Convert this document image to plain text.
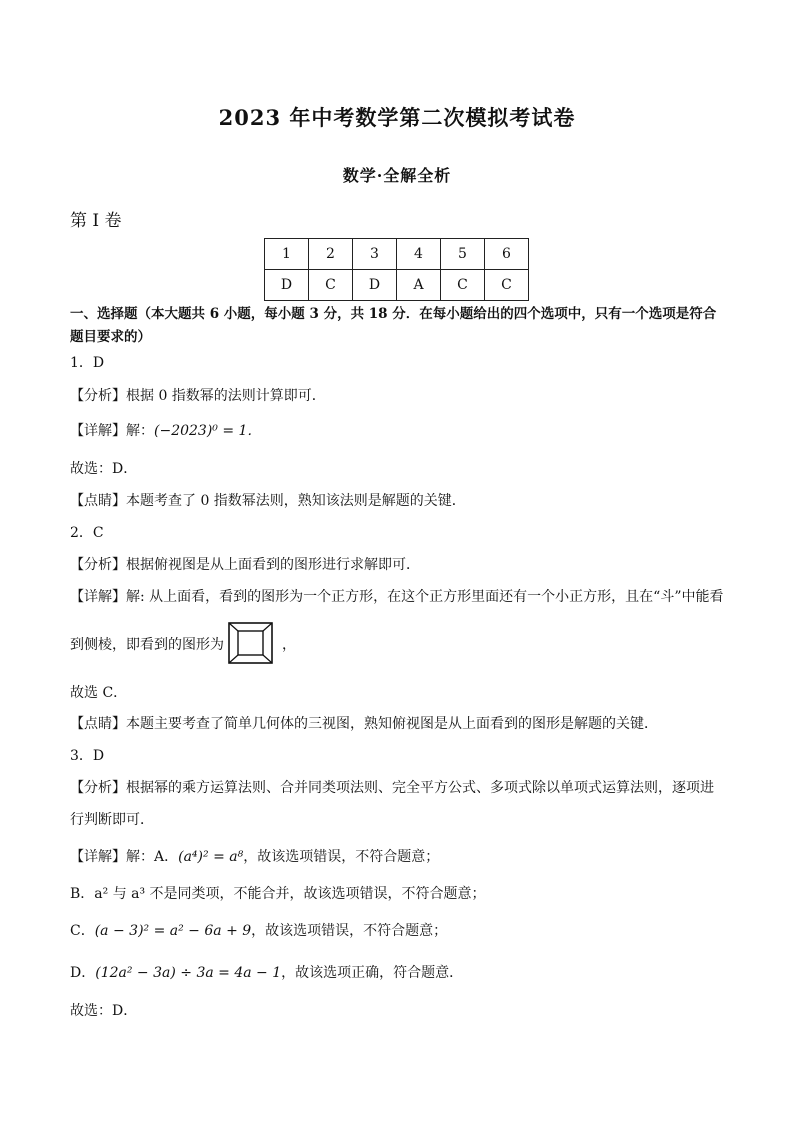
2023 年中考数学第二次模拟考试卷
数学·全解全析
第 I 卷
1	2	3	4	5	6
D	C	D	A	C	C
一、选择题（本大题共 6 小题，每小题 3 分，共 18 分．在每小题给出的四个选项中，只有一个选项是符合
题目要求的）
1．D
【分析】根据 0 指数幂的法则计算即可．
【详解】解：(−2023)⁰ = 1．
故选：D．
【点睛】本题考查了 0 指数幂法则，熟知该法则是解题的关键．
2．C
【分析】根据俯视图是从上面看到的图形进行求解即可．
【详解】解: 从上面看，看到的图形为一个正方形，在这个正方形里面还有一个小正方形，且在“斗”中能看
到侧棱，即看到的图形为	，
故选 C．
【点睛】本题主要考查了简单几何体的三视图，熟知俯视图是从上面看到的图形是解题的关键．
3．D
【分析】根据幂的乘方运算法则、合并同类项法则、完全平方公式、多项式除以单项式运算法则，逐项进
行判断即可．
【详解】解：A．(a⁴)² = a⁸，故该选项错误，不符合题意；
B．a² 与 a³ 不是同类项，不能合并，故该选项错误，不符合题意；
C．(a − 3)² = a² − 6a + 9，故该选项错误，不符合题意；
D．(12a² − 3a) ÷ 3a = 4a − 1，故该选项正确，符合题意．
故选：D．
